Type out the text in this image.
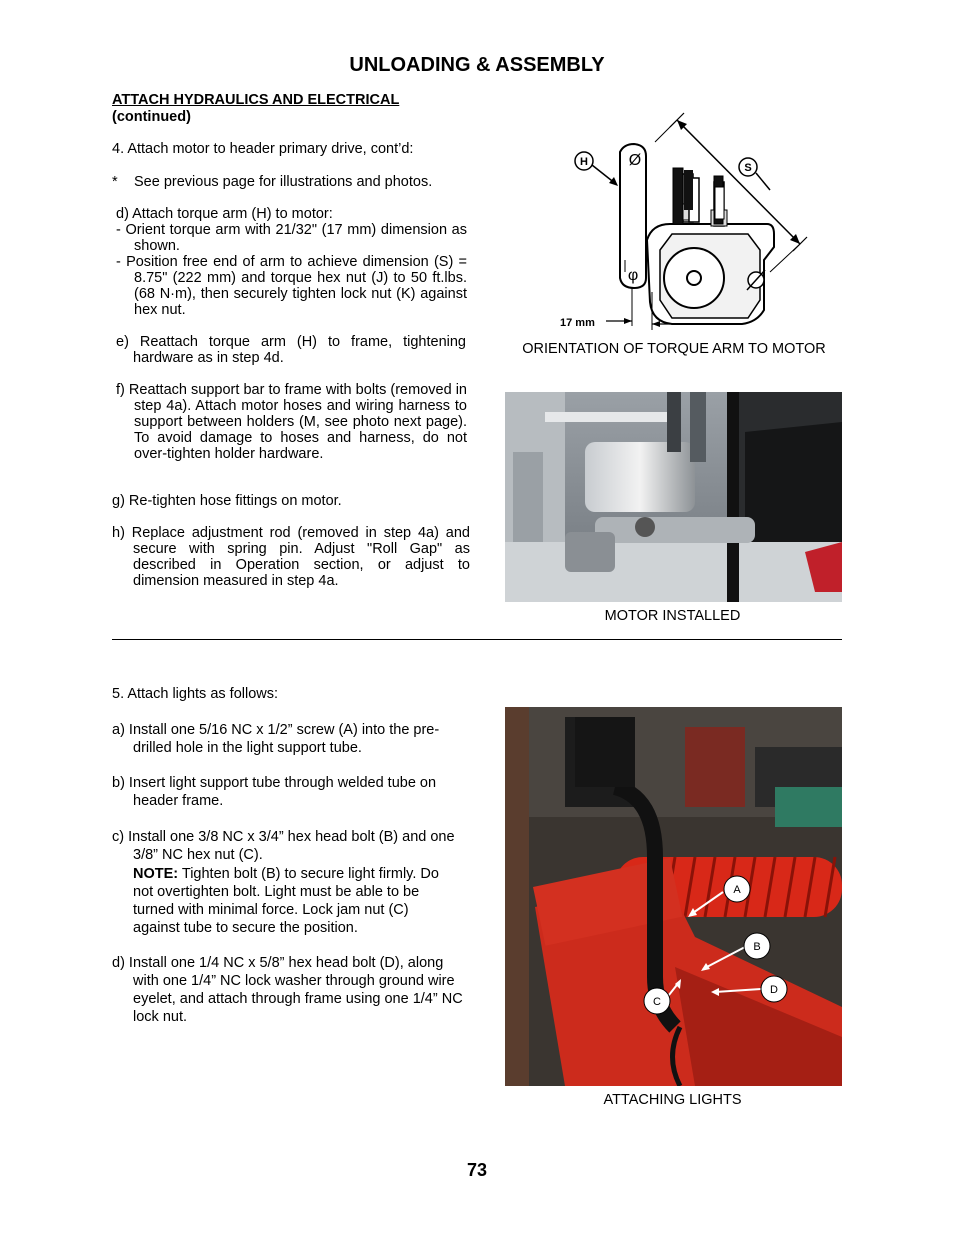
UNLOADING & ASSEMBLY
ATTACH HYDRAULICS AND ELECTRICAL
(continued)
4. Attach motor to header primary drive, cont’d:
* See previous page for illustrations and photos.
d) Attach torque arm (H) to motor:
- Orient torque arm with 21/32" (17 mm) dimension as shown.
- Position free end of arm to achieve dimension (S) = 8.75" (222 mm) and torque hex nut (J) to 50 ft.lbs. (68 N·m), then securely tighten lock nut (K) against hex nut.
e) Reattach torque arm (H) to frame, tightening hardware as in step 4d.
f) Reattach support bar to frame with bolts (removed in step 4a). Attach motor hoses and wiring harness to support between holders (M, see photo next page). To avoid damage to hoses and harness, do not over-tighten holder hardware.
g) Re-tighten hose fittings on motor.
h) Replace adjustment rod (removed in step 4a) and secure with spring pin. Adjust "Roll Gap" as described in Operation section, or adjust to dimension measured in step 4a.
S
H	Ø
φ
17 mm
ORIENTATION OF TORQUE ARM TO MOTOR
MOTOR INSTALLED
5. Attach lights as follows:
a) Install one 5/16 NC x 1/2” screw (A) into the pre-drilled hole in the light support tube.
b) Insert light support tube through welded tube on header frame.
c) Install one 3/8 NC x 3/4” hex head bolt (B) and one 3/8” NC hex nut (C).
NOTE: Tighten bolt (B) to secure light firmly. Do not overtighten bolt. Light must be able to be turned with minimal force. Lock jam nut (C) against tube to secure the position.
d) Install one 1/4 NC x 5/8” hex head bolt (D), along with one 1/4” NC lock washer through ground wire eyelet, and attach through frame using one 1/4” NC lock nut.
A
B
C
D
ATTACHING LIGHTS
73
